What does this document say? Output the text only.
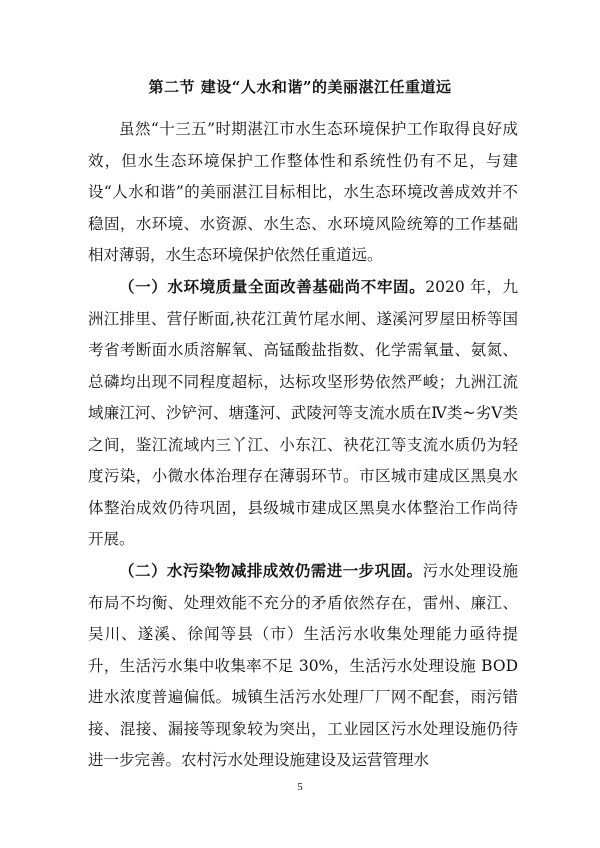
第二节 建设“人水和谐”的美丽湛江任重道远

虽然“十三五”时期湛江市水生态环境保护工作取得良好成效，但水生态环境保护工作整体性和系统性仍有不足，与建设“人水和谐”的美丽湛江目标相比，水生态环境改善成效并不稳固，水环境、水资源、水生态、水环境风险统筹的工作基础相对薄弱，水生态环境保护依然任重道远。

（一）水环境质量全面改善基础尚不牢固。2020 年，九洲江排里、营仔断面,袂花江黄竹尾水闸、遂溪河罗屋田桥等国考省考断面水质溶解氧、高锰酸盐指数、化学需氧量、氨氮、总磷均出现不同程度超标，达标攻坚形势依然严峻；九洲江流域廉江河、沙铲河、塘蓬河、武陵河等支流水质在Ⅳ类~劣Ⅴ类之间，鉴江流域内三丫江、小东江、袂花江等支流水质仍为轻度污染，小微水体治理存在薄弱环节。市区城市建成区黑臭水体整治成效仍待巩固，县级城市建成区黑臭水体整治工作尚待开展。

（二）水污染物减排成效仍需进一步巩固。污水处理设施布局不均衡、处理效能不充分的矛盾依然存在，雷州、廉江、吴川、遂溪、徐闻等县（市）生活污水收集处理能力亟待提升，生活污水集中收集率不足 30%，生活污水处理设施 BOD 进水浓度普遍偏低。城镇生活污水处理厂厂网不配套，雨污错接、混接、漏接等现象较为突出，工业园区污水处理设施仍待进一步完善。农村污水处理设施建设及运营管理水

5
